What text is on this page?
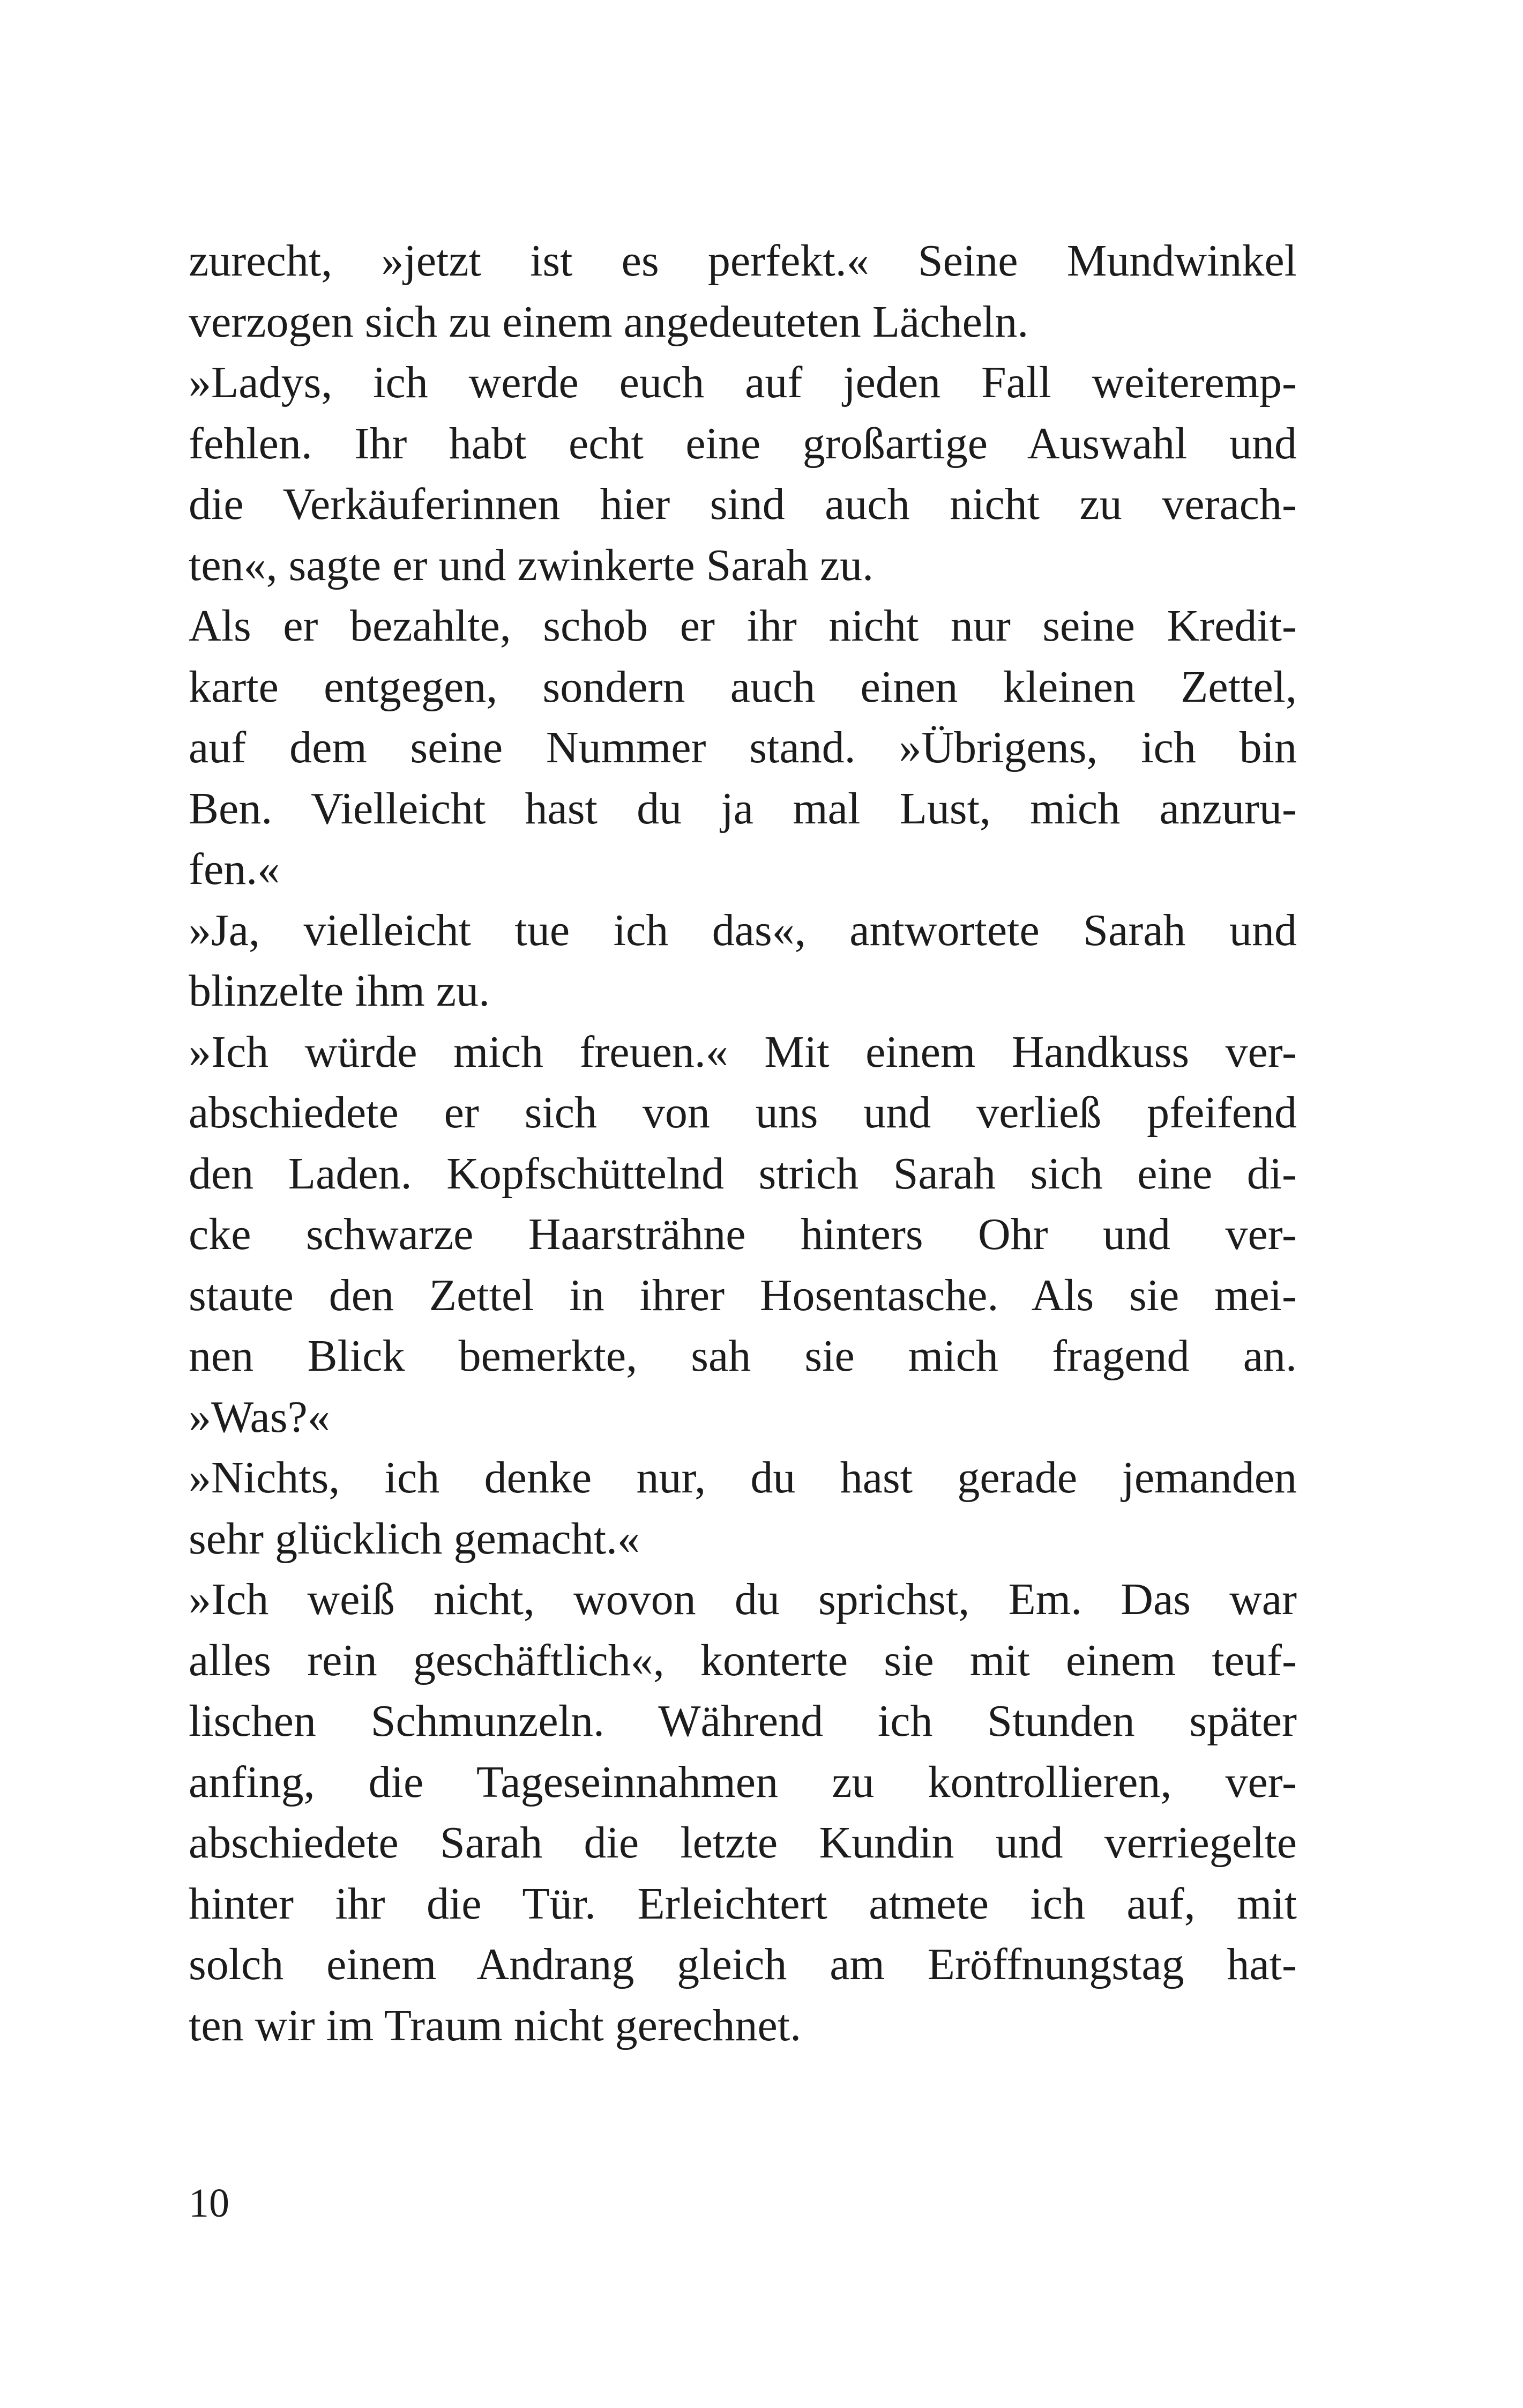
zurecht, »jetzt ist es perfekt.« Seine Mundwinkel
verzogen sich zu einem angedeuteten Lächeln.
»Ladys, ich werde euch auf jeden Fall weiteremp-
fehlen. Ihr habt echt eine großartige Auswahl und
die Verkäuferinnen hier sind auch nicht zu verach-
ten«, sagte er und zwinkerte Sarah zu.
Als er bezahlte, schob er ihr nicht nur seine Kredit-
karte entgegen, sondern auch einen kleinen Zettel,
auf dem seine Nummer stand. »Übrigens, ich bin
Ben. Vielleicht hast du ja mal Lust, mich anzuru-
fen.«
»Ja, vielleicht tue ich das«, antwortete Sarah und
blinzelte ihm zu.
»Ich würde mich freuen.« Mit einem Handkuss ver-
abschiedete er sich von uns und verließ pfeifend
den Laden. Kopfschüttelnd strich Sarah sich eine di-
cke schwarze Haarsträhne hinters Ohr und ver-
staute den Zettel in ihrer Hosentasche. Als sie mei-
nen Blick bemerkte, sah sie mich fragend an.
»Was?«
»Nichts, ich denke nur, du hast gerade jemanden
sehr glücklich gemacht.«
»Ich weiß nicht, wovon du sprichst, Em. Das war
alles rein geschäftlich«, konterte sie mit einem teuf-
lischen Schmunzeln. Während ich Stunden später
anfing, die Tageseinnahmen zu kontrollieren, ver-
abschiedete Sarah die letzte Kundin und verriegelte
hinter ihr die Tür. Erleichtert atmete ich auf, mit
solch einem Andrang gleich am Eröffnungstag hat-
ten wir im Traum nicht gerechnet.
10
